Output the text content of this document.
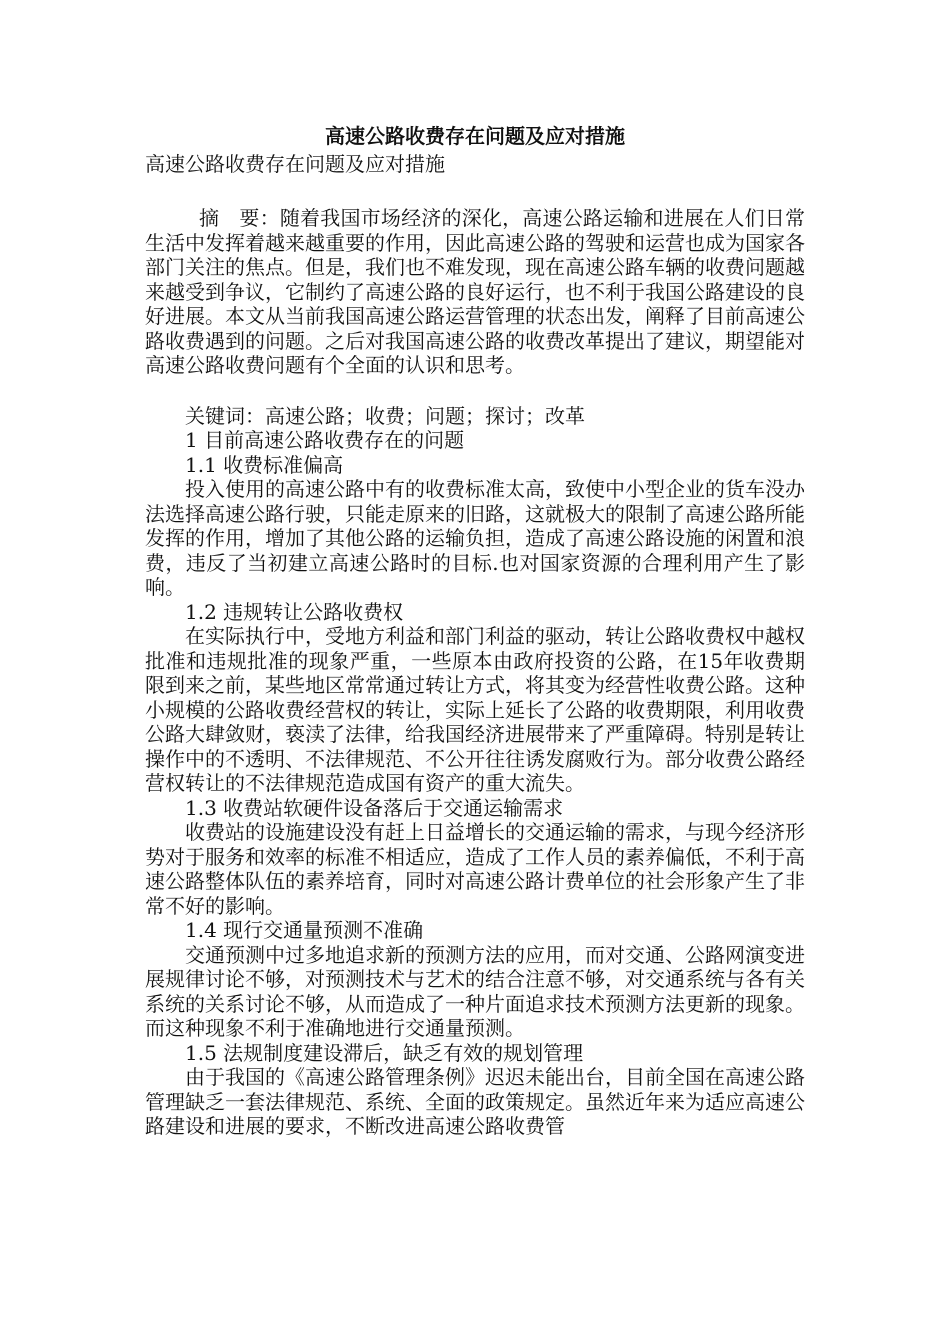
高速公路收费存在问题及应对措施

高速公路收费存在问题及应对措施

摘　要：随着我国市场经济的深化，高速公路运输和进展在人们日常生活中发挥着越来越重要的作用，因此高速公路的驾驶和运营也成为国家各部门关注的焦点。但是，我们也不难发现，现在高速公路车辆的收费问题越来越受到争议，它制约了高速公路的良好运行，也不利于我国公路建设的良好进展。本文从当前我国高速公路运营管理的状态出发，阐释了目前高速公路收费遇到的问题。之后对我国高速公路的收费改革提出了建议，期望能对高速公路收费问题有个全面的认识和思考。

关键词：高速公路；收费；问题；探讨；改革

1 目前高速公路收费存在的问题

1.1 收费标准偏高

投入使用的高速公路中有的收费标准太高，致使中小型企业的货车没办法选择高速公路行驶，只能走原来的旧路，这就极大的限制了高速公路所能发挥的作用，增加了其他公路的运输负担，造成了高速公路设施的闲置和浪费，违反了当初建立高速公路时的目标.也对国家资源的合理利用产生了影响。

1.2 违规转让公路收费权

在实际执行中，受地方利益和部门利益的驱动，转让公路收费权中越权批准和违规批准的现象严重，一些原本由政府投资的公路，在15年收费期限到来之前，某些地区常常通过转让方式，将其变为经营性收费公路。这种小规模的公路收费经营权的转让，实际上延长了公路的收费期限，利用收费公路大肆敛财，亵渎了法律，给我国经济进展带来了严重障碍。特别是转让操作中的不透明、不法律规范、不公开往往诱发腐败行为。部分收费公路经营权转让的不法律规范造成国有资产的重大流失。

1.3 收费站软硬件设备落后于交通运输需求

收费站的设施建设没有赶上日益增长的交通运输的需求，与现今经济形势对于服务和效率的标准不相适应，造成了工作人员的素养偏低，不利于高速公路整体队伍的素养培育，同时对高速公路计费单位的社会形象产生了非常不好的影响。

1.4 现行交通量预测不准确

交通预测中过多地追求新的预测方法的应用，而对交通、公路网演变进展规律讨论不够，对预测技术与艺术的结合注意不够，对交通系统与各有关系统的关系讨论不够，从而造成了一种片面追求技术预测方法更新的现象。而这种现象不利于准确地进行交通量预测。

1.5 法规制度建设滞后，缺乏有效的规划管理

由于我国的《高速公路管理条例》迟迟未能出台，目前全国在高速公路管理缺乏一套法律规范、系统、全面的政策规定。虽然近年来为适应高速公路建设和进展的要求，不断改进高速公路收费管
